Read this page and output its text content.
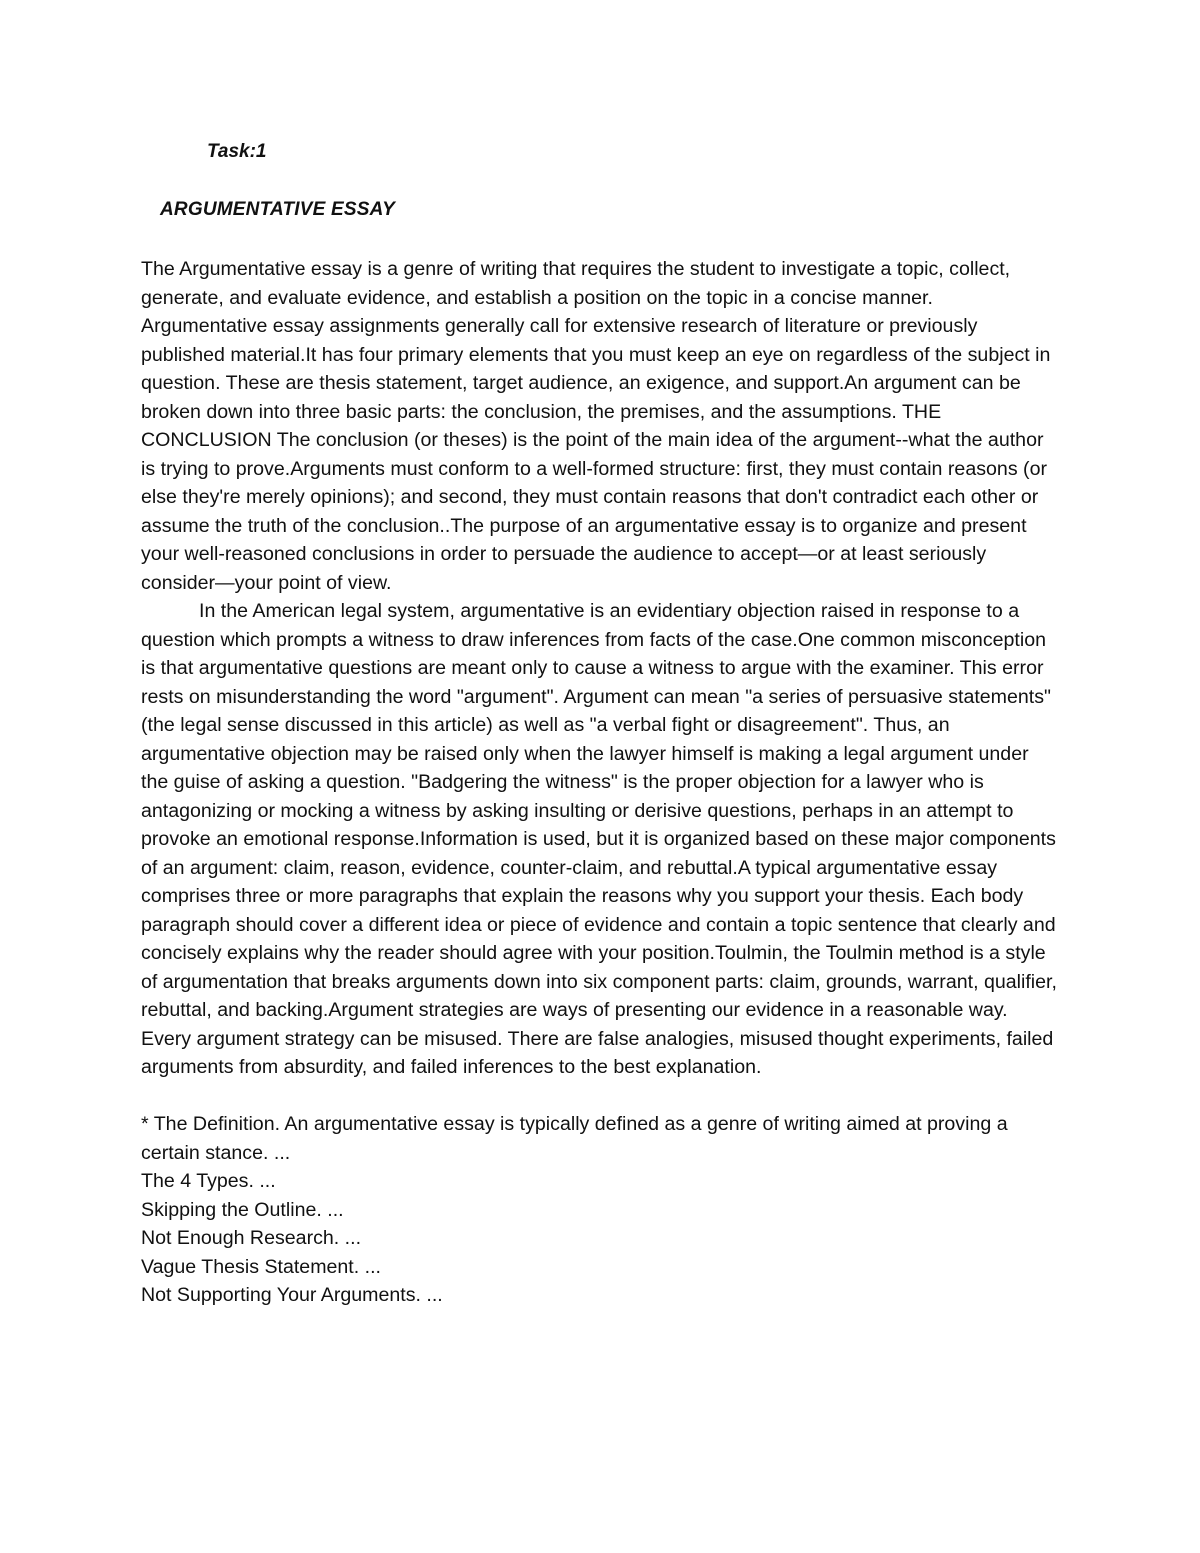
Task:1
ARGUMENTATIVE ESSAY

The Argumentative essay is a genre of writing that requires the student to investigate a topic, collect, generate, and evaluate evidence, and establish a position on the topic in a concise manner. Argumentative essay assignments generally call for extensive research of literature or previously published material.It has four primary elements that you must keep an eye on regardless of the subject in question. These are thesis statement, target audience, an exigence, and support.An argument can be broken down into three basic parts: the conclusion, the premises, and the assumptions. THE CONCLUSION The conclusion (or theses) is the point of the main idea of the argument--what the author is trying to prove.Arguments must conform to a well-formed structure: first, they must contain reasons (or else they're merely opinions); and second, they must contain reasons that don't contradict each other or assume the truth of the conclusion..The purpose of an argumentative essay is to organize and present your well-reasoned conclusions in order to persuade the audience to accept—or at least seriously consider—your point of view.

In the American legal system, argumentative is an evidentiary objection raised in response to a question which prompts a witness to draw inferences from facts of the case.One common misconception is that argumentative questions are meant only to cause a witness to argue with the examiner. This error rests on misunderstanding the word "argument". Argument can mean "a series of persuasive statements" (the legal sense discussed in this article) as well as "a verbal fight or disagreement". Thus, an argumentative objection may be raised only when the lawyer himself is making a legal argument under the guise of asking a question. "Badgering the witness" is the proper objection for a lawyer who is antagonizing or mocking a witness by asking insulting or derisive questions, perhaps in an attempt to provoke an emotional response.Information is used, but it is organized based on these major components of an argument: claim, reason, evidence, counter-claim, and rebuttal.A typical argumentative essay comprises three or more paragraphs that explain the reasons why you support your thesis. Each body paragraph should cover a different idea or piece of evidence and contain a topic sentence that clearly and concisely explains why the reader should agree with your position.Toulmin, the Toulmin method is a style of argumentation that breaks arguments down into six component parts: claim, grounds, warrant, qualifier, rebuttal, and backing.Argument strategies are ways of presenting our evidence in a reasonable way. Every argument strategy can be misused. There are false analogies, misused thought experiments, failed arguments from absurdity, and failed inferences to the best explanation.

* The Definition. An argumentative essay is typically defined as a genre of writing aimed at proving a certain stance. ...
The 4 Types. ...
Skipping the Outline. ...
Not Enough Research. ...
Vague Thesis Statement. ...
Not Supporting Your Arguments. ...
